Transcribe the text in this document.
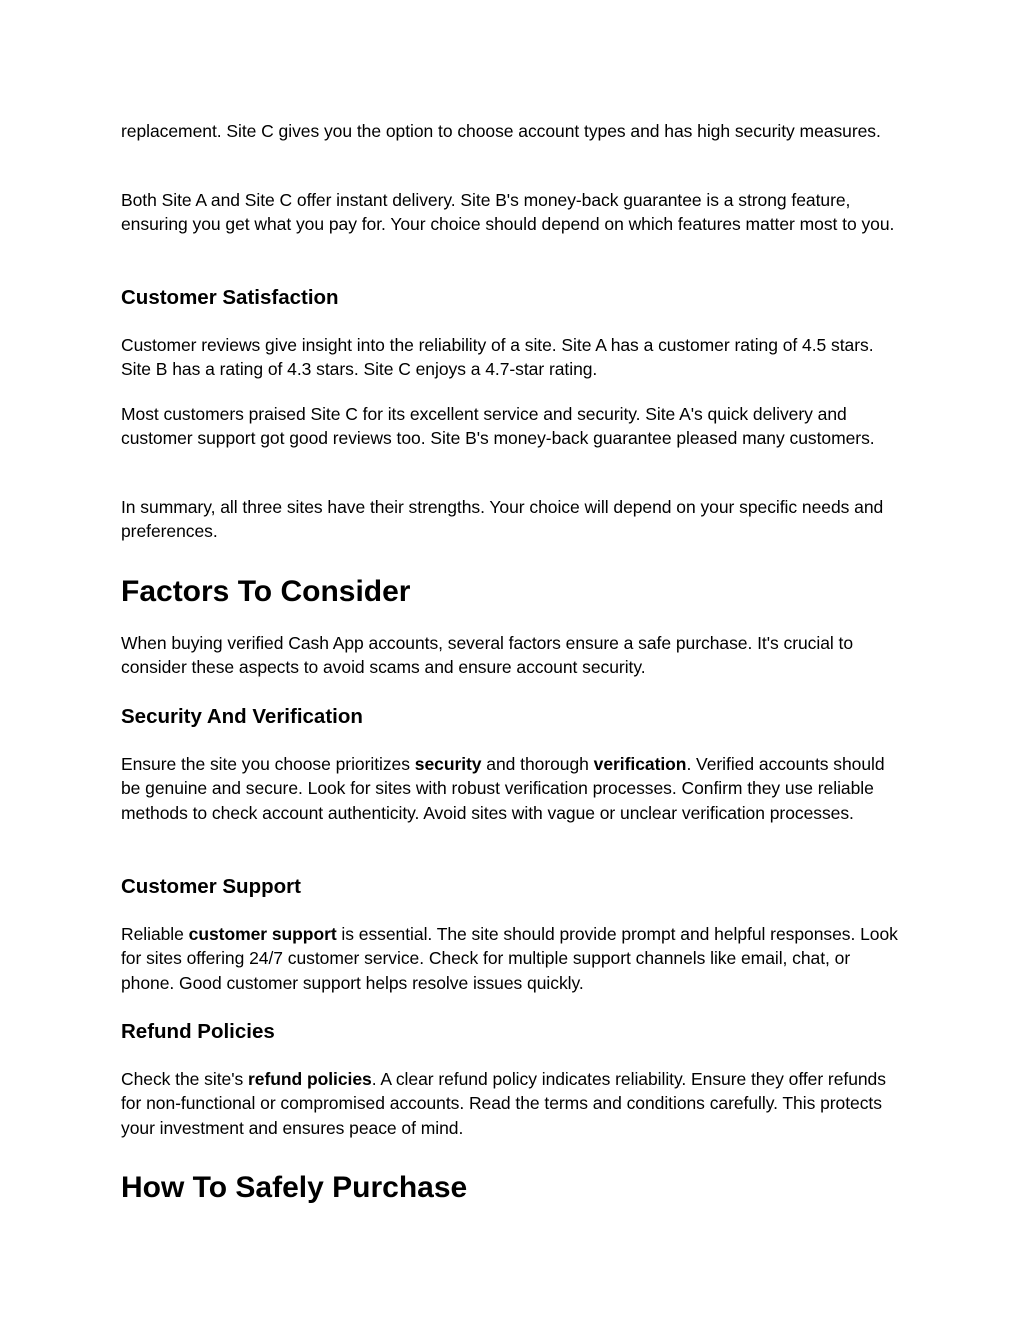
replacement. Site C gives you the option to choose account types and has high security measures.

Both Site A and Site C offer instant delivery. Site B's money-back guarantee is a strong feature, ensuring you get what you pay for. Your choice should depend on which features matter most to you.

Customer Satisfaction

Customer reviews give insight into the reliability of a site. Site A has a customer rating of 4.5 stars. Site B has a rating of 4.3 stars. Site C enjoys a 4.7-star rating.

Most customers praised Site C for its excellent service and security. Site A's quick delivery and customer support got good reviews too. Site B's money-back guarantee pleased many customers.

In summary, all three sites have their strengths. Your choice will depend on your specific needs and preferences.

Factors To Consider

When buying verified Cash App accounts, several factors ensure a safe purchase. It's crucial to consider these aspects to avoid scams and ensure account security.

Security And Verification

Ensure the site you choose prioritizes security and thorough verification. Verified accounts should be genuine and secure. Look for sites with robust verification processes. Confirm they use reliable methods to check account authenticity. Avoid sites with vague or unclear verification processes.

Customer Support

Reliable customer support is essential. The site should provide prompt and helpful responses. Look for sites offering 24/7 customer service. Check for multiple support channels like email, chat, or phone. Good customer support helps resolve issues quickly.

Refund Policies

Check the site's refund policies. A clear refund policy indicates reliability. Ensure they offer refunds for non-functional or compromised accounts. Read the terms and conditions carefully. This protects your investment and ensures peace of mind.

How To Safely Purchase
